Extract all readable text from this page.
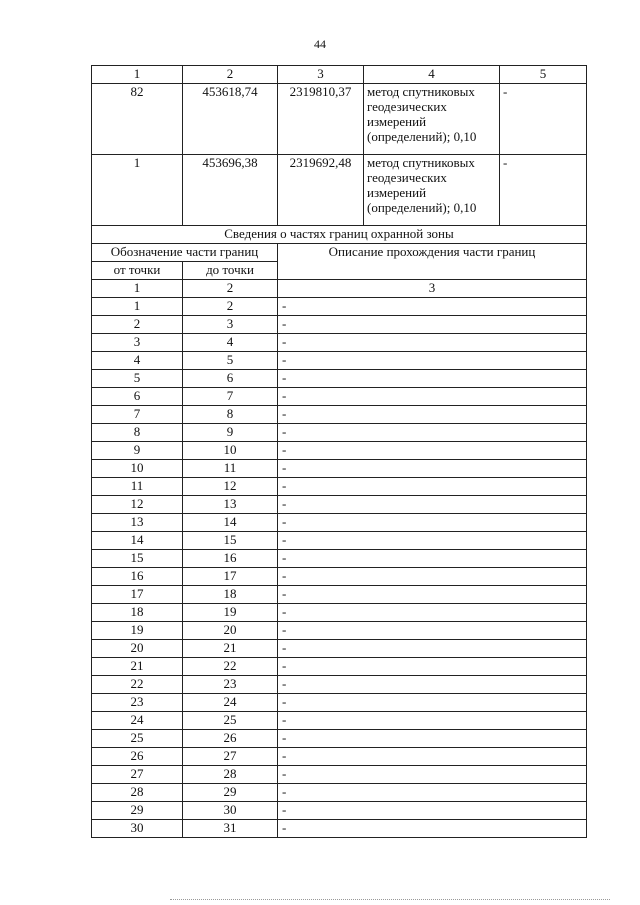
44
1	2	3	4	5
82	453618,74	2319810,37	метод спутниковых геодезических измерений (определений); 0,10	-
1	453696,38	2319692,48	метод спутниковых геодезических измерений (определений); 0,10	-
Сведения о частях границ охранной зоны				
Обозначение части границ		Описание прохождения части границ		
от точки	до точки			
1	2	3		
1	2	-		
2	3	-		
3	4	-		
4	5	-		
5	6	-		
6	7	-		
7	8	-		
8	9	-		
9	10	-		
10	11	-		
11	12	-		
12	13	-		
13	14	-		
14	15	-		
15	16	-		
16	17	-		
17	18	-		
18	19	-		
19	20	-		
20	21	-		
21	22	-		
22	23	-		
23	24	-		
24	25	-		
25	26	-		
26	27	-		
27	28	-		
28	29	-		
29	30	-		
30	31	-		
